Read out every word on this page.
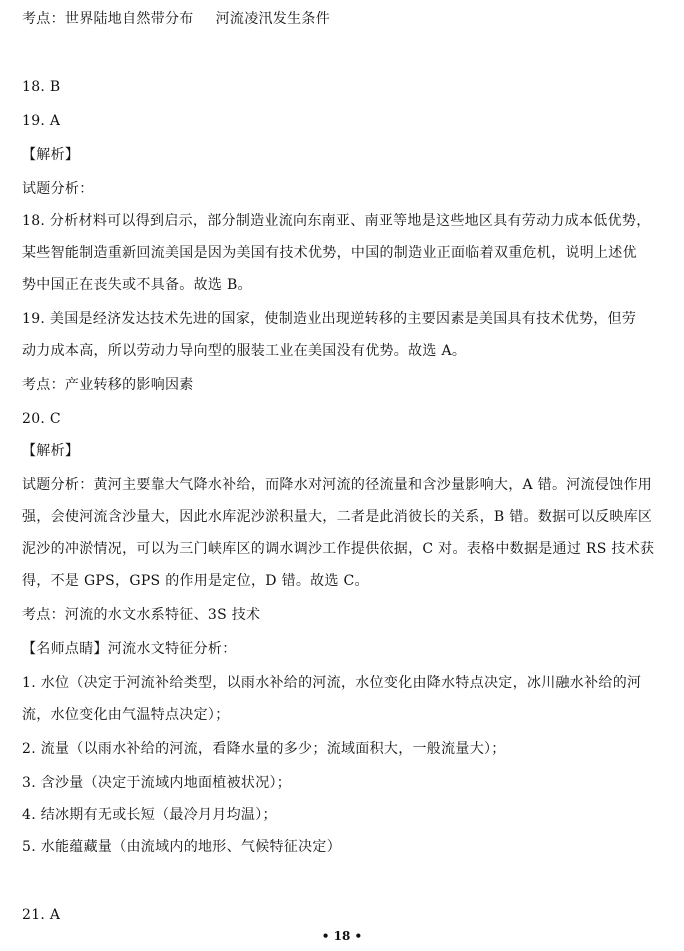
考点：世界陆地自然带分布 河流凌汛发生条件
18. B
19. A
【解析】
试题分析：
18. 分析材料可以得到启示，部分制造业流向东南亚、南亚等地是这些地区具有劳动力成本低优势，
某些智能制造重新回流美国是因为美国有技术优势，中国的制造业正面临着双重危机，说明上述优
势中国正在丧失或不具备。故选 B。
19. 美国是经济发达技术先进的国家，使制造业出现逆转移的主要因素是美国具有技术优势，但劳
动力成本高，所以劳动力导向型的服装工业在美国没有优势。故选 A。
考点：产业转移的影响因素
20. C
【解析】
试题分析：黄河主要靠大气降水补给，而降水对河流的径流量和含沙量影响大，A 错。河流侵蚀作用
强，会使河流含沙量大，因此水库泥沙淤积量大，二者是此消彼长的关系，B 错。数据可以反映库区
泥沙的冲淤情况，可以为三门峡库区的调水调沙工作提供依据，C 对。表格中数据是通过 RS 技术获
得，不是 GPS，GPS 的作用是定位，D 错。故选 C。
考点：河流的水文水系特征、3S 技术
【名师点睛】河流水文特征分析：
1. 水位（决定于河流补给类型，以雨水补给的河流，水位变化由降水特点决定，冰川融水补给的河
流，水位变化由气温特点决定）；
2. 流量（以雨水补给的河流，看降水量的多少；流域面积大，一般流量大）；
3. 含沙量（决定于流域内地面植被状况）；
4. 结冰期有无或长短（最冷月月均温）；
5. 水能蕴藏量（由流域内的地形、气候特征决定）
21. A
• 18 •
